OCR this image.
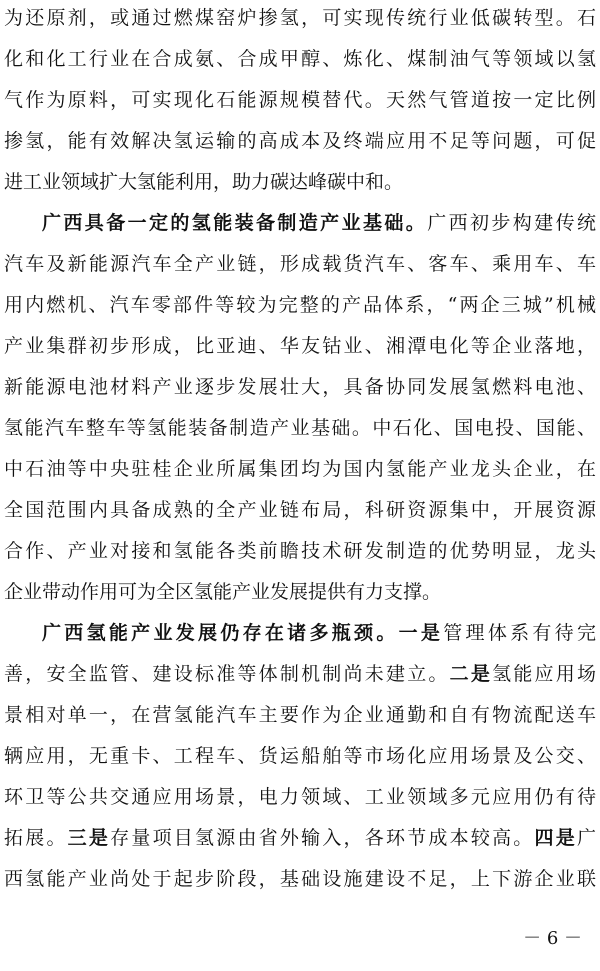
为还原剂，或通过燃煤窑炉掺氢，可实现传统行业低碳转型。石
化和化工行业在合成氨、合成甲醇、炼化、煤制油气等领域以氢
气作为原料，可实现化石能源规模替代。天然气管道按一定比例
掺氢，能有效解决氢运输的高成本及终端应用不足等问题，可促
进工业领域扩大氢能利用，助力碳达峰碳中和。
广西具备一定的氢能装备制造产业基础。广西初步构建传统
汽车及新能源汽车全产业链，形成载货汽车、客车、乘用车、车
用内燃机、汽车零部件等较为完整的产品体系，“两企三城”机械
产业集群初步形成，比亚迪、华友钴业、湘潭电化等企业落地，
新能源电池材料产业逐步发展壮大，具备协同发展氢燃料电池、
氢能汽车整车等氢能装备制造产业基础。中石化、国电投、国能、
中石油等中央驻桂企业所属集团均为国内氢能产业龙头企业，在
全国范围内具备成熟的全产业链布局，科研资源集中，开展资源
合作、产业对接和氢能各类前瞻技术研发制造的优势明显，龙头
企业带动作用可为全区氢能产业发展提供有力支撑。
广西氢能产业发展仍存在诸多瓶颈。一是管理体系有待完
善，安全监管、建设标准等体制机制尚未建立。二是氢能应用场
景相对单一，在营氢能汽车主要作为企业通勤和自有物流配送车
辆应用，无重卡、工程车、货运船舶等市场化应用场景及公交、
环卫等公共交通应用场景，电力领域、工业领域多元应用仍有待
拓展。三是存量项目氢源由省外输入，各环节成本较高。四是广
西氢能产业尚处于起步阶段，基础设施建设不足，上下游企业联
－ 6 －
